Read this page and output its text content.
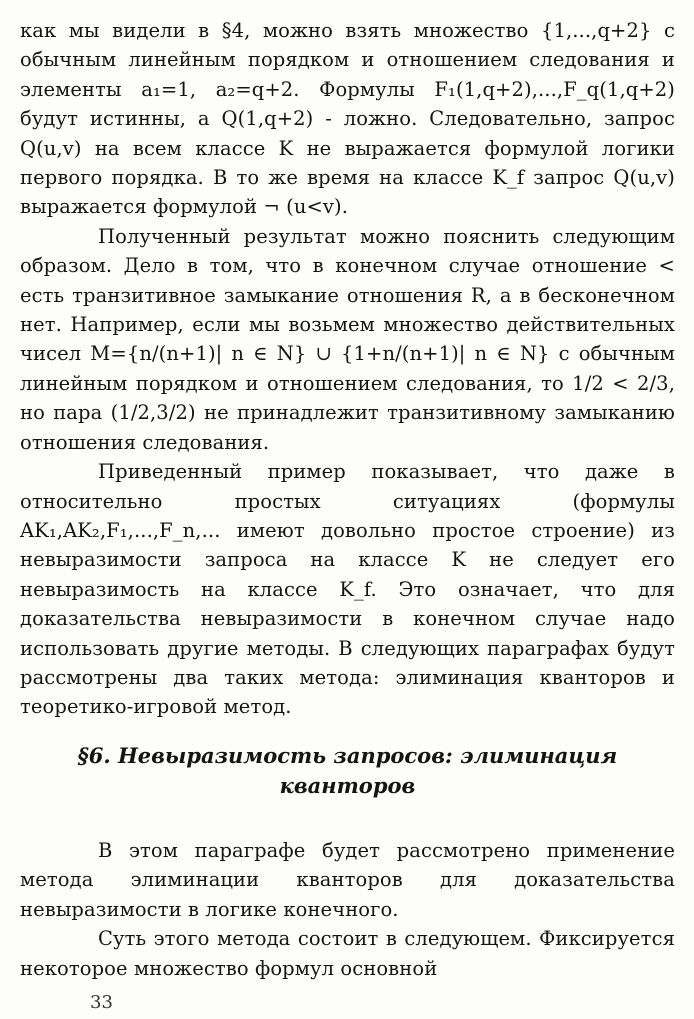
как мы видели в §4, можно взять множество {1,...,q+2} с обычным линейным порядком и отношением следования и элементы a₁=1, a₂=q+2. Формулы F₁(1,q+2),...,F_q(1,q+2) будут истинны, а Q(1,q+2) - ложно. Следовательно, запрос Q(u,v) на всем классе K не выражается формулой логики первого порядка. В то же время на классе K_f запрос Q(u,v) выражается формулой ¬ (u<v).

Полученный результат можно пояснить следующим образом. Дело в том, что в конечном случае отношение < есть транзитивное замыкание отношения R, а в бесконечном нет. Например, если мы возьмем множество действительных чисел M={n/(n+1)| n ∈ N} ∪ {1+n/(n+1)| n ∈ N} с обычным линейным порядком и отношением следования, то 1/2 < 2/3, но пара (1/2,3/2) не принадлежит транзитивному замыканию отношения следования.

Приведенный пример показывает, что даже в относительно простых ситуациях (формулы AK₁,AK₂,F₁,...,F_n,... имеют довольно простое строение) из невыразимости запроса на классе K не следует его невыразимость на классе K_f. Это означает, что для доказательства невыразимости в конечном случае надо использовать другие методы. В следующих параграфах будут рассмотрены два таких метода: элиминация кванторов и теоретико-игровой метод.

§6. Невыразимость запросов: элиминация кванторов

В этом параграфе будет рассмотрено применение метода элиминации кванторов для доказательства невыразимости в логике конечного.

Суть этого метода состоит в следующем. Фиксируется некоторое множество формул основной

33
